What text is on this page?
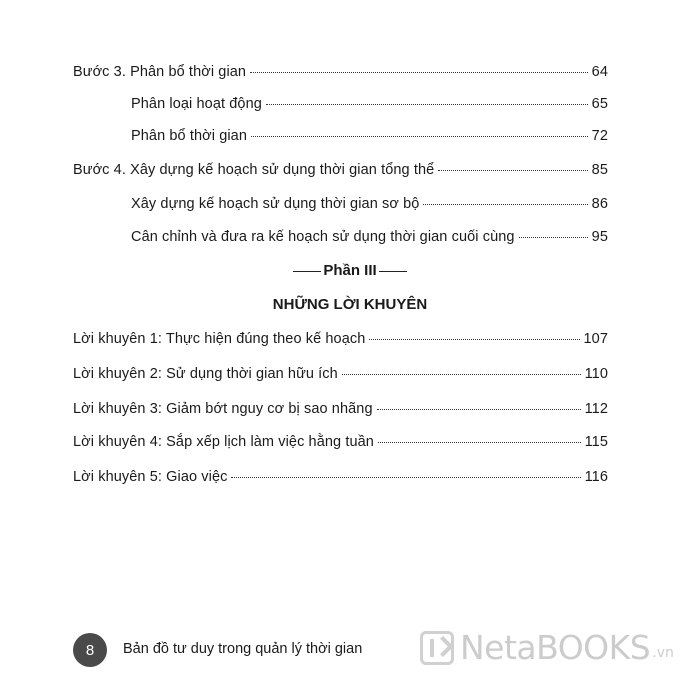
Bước 3. Phân bổ thời gian	64
Phân loại hoạt động	65
Phân bổ thời gian	72
Bước 4. Xây dựng kế hoạch sử dụng thời gian tổng thể	85
Xây dựng kế hoạch sử dụng thời gian sơ bộ	86
Cân chỉnh và đưa ra kế hoạch sử dụng thời gian cuối cùng	95
Phần III
NHỮNG LỜI KHUYÊN
Lời khuyên 1: Thực hiện đúng theo kế hoạch	107
Lời khuyên 2: Sử dụng thời gian hữu ích	110
Lời khuyên 3: Giảm bớt nguy cơ bị sao nhãng	112
Lời khuyên 4: Sắp xếp lịch làm việc hằng tuần	115
Lời khuyên 5: Giao việc	116
8	Bản đồ tư duy trong quản lý thời gian	NetaBOOKS .vn
